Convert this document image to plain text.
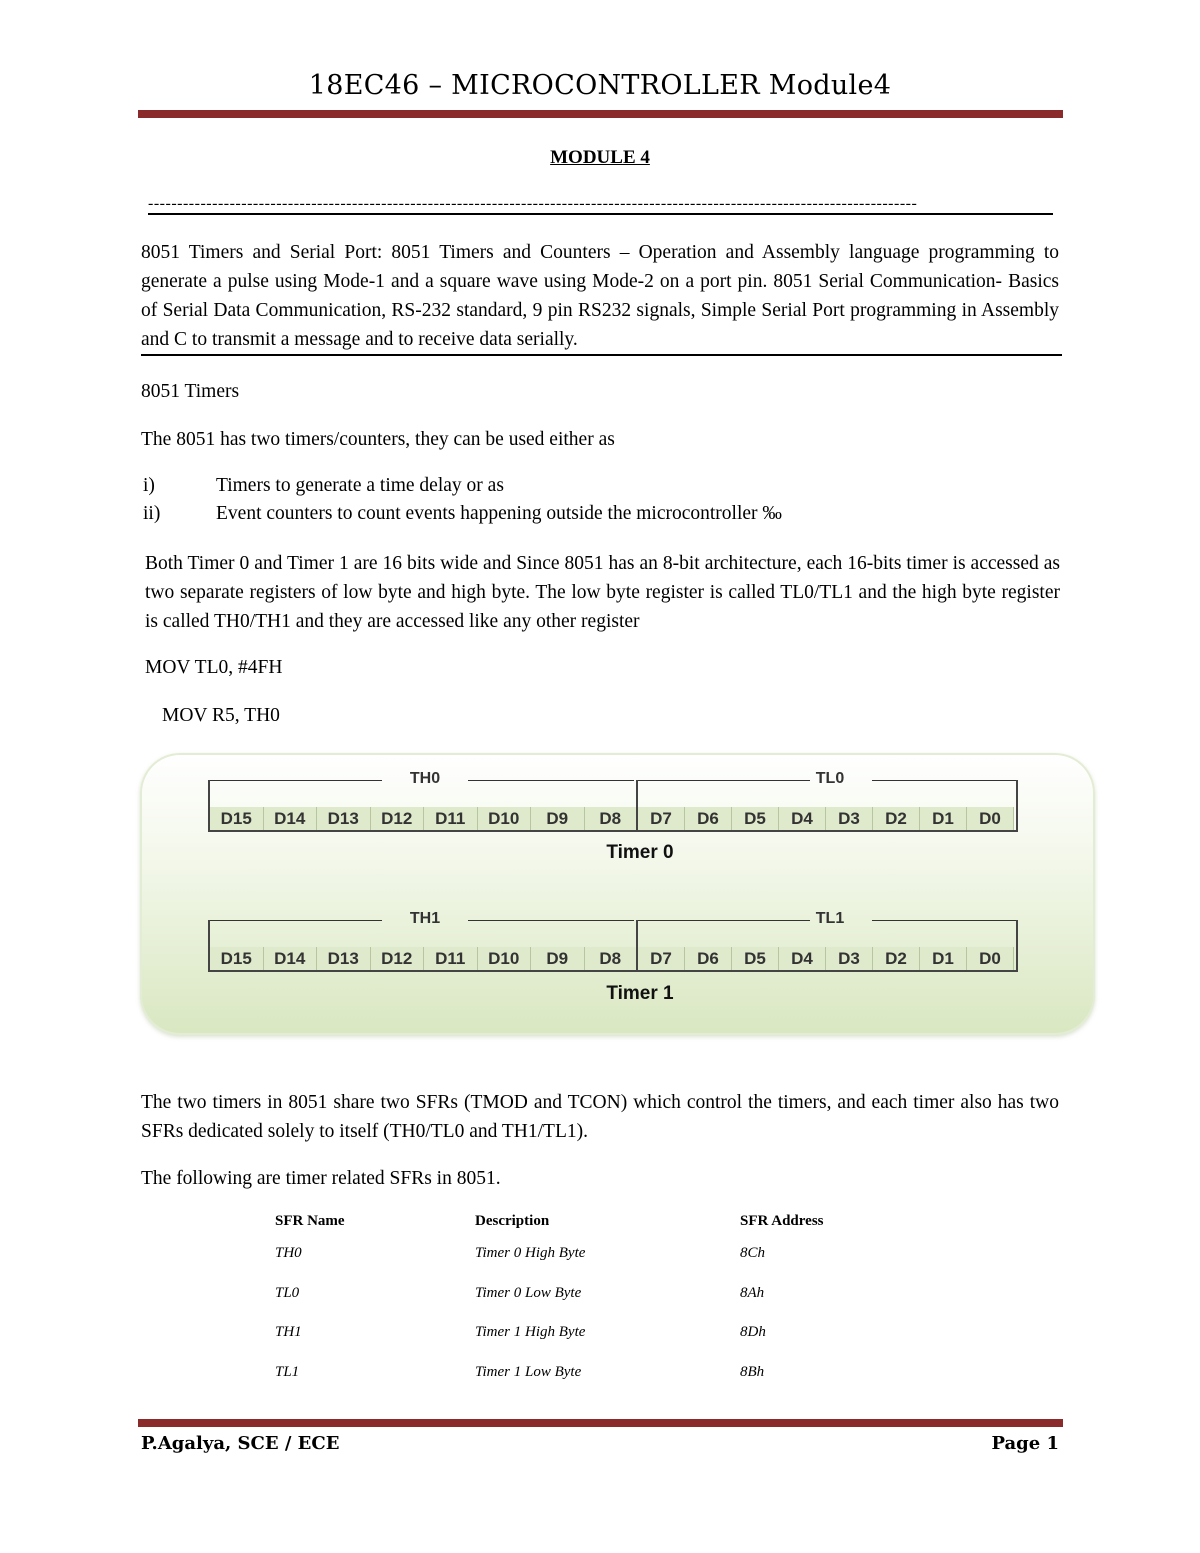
18EC46 – MICROCONTROLLER Module4
MODULE 4
------------------------------------------------------------------------------------------------------------------------------------
8051 Timers and Serial Port: 8051 Timers and Counters – Operation and Assembly language programming to generate a pulse using Mode-1 and a square wave using Mode-2 on a port pin. 8051 Serial Communication- Basics of Serial Data Communication, RS-232 standard, 9 pin RS232 signals, Simple Serial Port programming in Assembly and C to transmit a message and to receive data serially.
8051 Timers
The 8051 has two timers/counters, they can be used either as
i)	Timers to generate a time delay or as
ii)	Event counters to count events happening outside the microcontroller ‰
Both Timer 0 and Timer 1 are 16 bits wide and Since 8051 has an 8-bit architecture, each 16-bits timer is accessed as two separate registers of low byte and high byte. The low byte register is called TL0/TL1 and the high byte register is called TH0/TH1 and they are accessed like any other register
MOV TL0, #4FH
MOV R5, TH0
TH0	TL0
D15	D14	D13	D12	D11	D10	D9	D8	D7	D6	D5	D4	D3	D2	D1	D0
Timer 0
TH1	TL1
D15	D14	D13	D12	D11	D10	D9	D8	D7	D6	D5	D4	D3	D2	D1	D0
Timer 1
The two timers in 8051 share two SFRs (TMOD and TCON) which control the timers, and each timer also has two SFRs dedicated solely to itself (TH0/TL0 and TH1/TL1).
The following are timer related SFRs in 8051.
SFR Name	Description	SFR Address
TH0	Timer 0 High Byte	8Ch
TL0	Timer 0 Low Byte	8Ah
TH1	Timer 1 High Byte	8Dh
TL1	Timer 1 Low Byte	8Bh
P.Agalya, SCE / ECE	Page 1
